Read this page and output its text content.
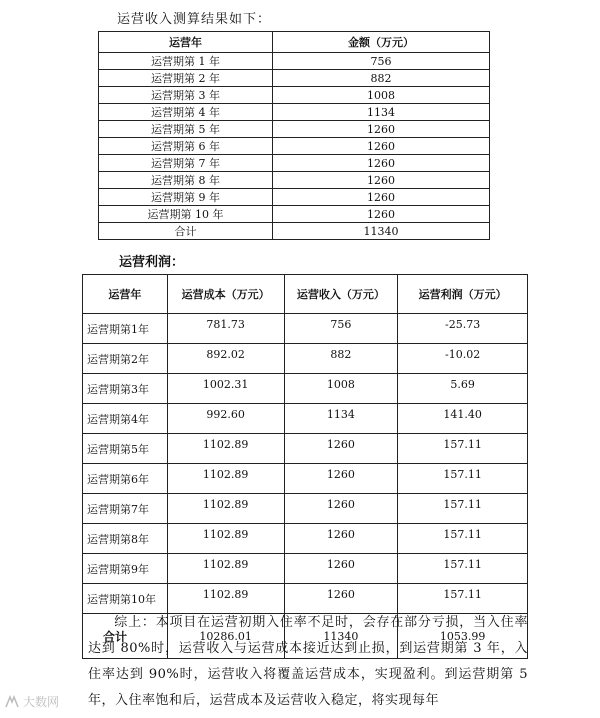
运营收入测算结果如下：
运营年	金额（万元）
运营期第 1 年	756
运营期第 2 年	882
运营期第 3 年	1008
运营期第 4 年	1134
运营期第 5 年	1260
运营期第 6 年	1260
运营期第 7 年	1260
运营期第 8 年	1260
运营期第 9 年	1260
运营期第 10 年	1260
合计	11340
运营利润：
运营年	运营成本（万元）	运营收入（万元）	运营利润（万元）
运营期第1年	781.73	756	-25.73
运营期第2年	892.02	882	-10.02
运营期第3年	1002.31	1008	5.69
运营期第4年	992.60	1134	141.40
运营期第5年	1102.89	1260	157.11
运营期第6年	1102.89	1260	157.11
运营期第7年	1102.89	1260	157.11
运营期第8年	1102.89	1260	157.11
运营期第9年	1102.89	1260	157.11
运营期第10年	1102.89	1260	157.11
合计	10286.01	11340	1053.99
综上：本项目在运营初期入住率不足时，会存在部分亏损，当入住率达到 80%时，运营收入与运营成本接近达到止损，到运营期第 3 年，入住率达到 90%时，运营收入将覆盖运营成本，实现盈利。到运营期第 5 年，入住率饱和后，运营成本及运营收入稳定，将实现每年
大数网
